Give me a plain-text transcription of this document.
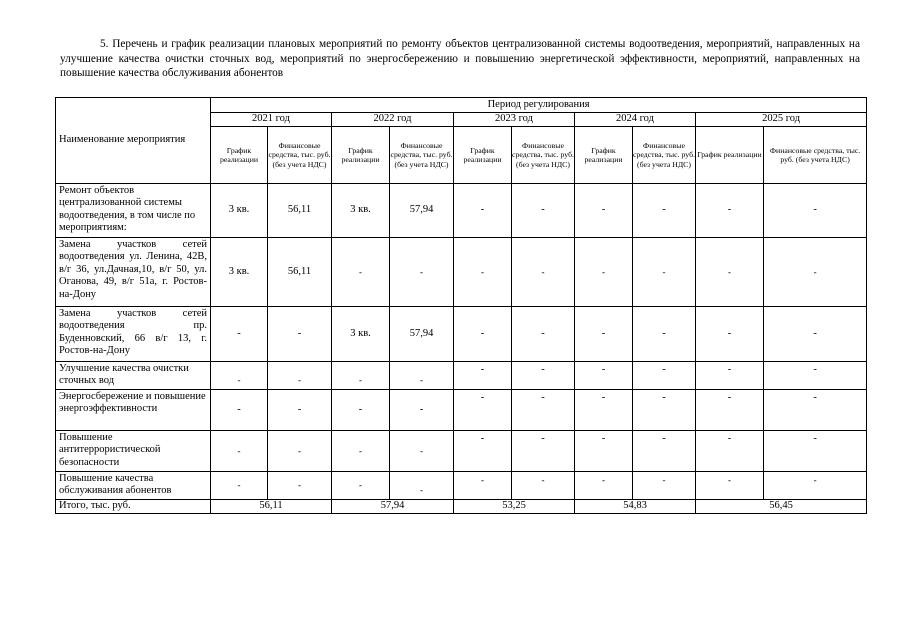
5. Перечень и график реализации плановых мероприятий по ремонту объектов централизованной системы водоотведения, мероприятий, направленных на улучшение качества очистки сточных вод, мероприятий по энергосбережению и повышению энергетической эффективности, мероприятий, направленных на повышение качества обслуживания абонентов
Наименование мероприятия	Период регулирования									
	2021 год		2022 год		2023 год		2024 год		2025 год	
	График реализации	Финансовые средства, тыс. руб. (без учета НДС)	График реализации	Финансовые средства, тыс. руб. (без учета НДС)	График реализации	Финансовые средства, тыс. руб. (без учета НДС)	График реализации	Финансовые средства, тыс. руб. (без учета НДС)	График реализации	Финансовые средства, тыс. руб. (без учета НДС)
Ремонт объектов централизованной системы водоотведения, в том числе по мероприятиям:	3 кв.	56,11	3 кв.	57,94	-	-	-	-	-	-
Замена участков сетей водоотведения ул. Ленина, 42В, в/г 36, ул.Дачная,10, в/г 50, ул. Оганова, 49, в/г 51а, г. Ростов-на-Дону	3 кв.	56,11	-	-	-	-	-	-	-	-
Замена участков сетей водоотведения пр. Буденновский, 66 в/г 13, г. Ростов-на-Дону	-	-	3 кв.	57,94	-	-	-	-	-	-
Улучшение качества очистки сточных вод	-	-	-	-	-	-	-	-	-	-
Энергосбережение и повышение энергоэффективности	-	-	-	-	-	-	-	-	-	-
Повышение антитеррористической безопасности	-	-	-	-	-	-	-	-	-	-
Повышение качества обслуживания абонентов	-	-	-	-	-	-	-	-	-	-
Итого, тыс. руб.	56,11		57,94		53,25		54,83		56,45	
